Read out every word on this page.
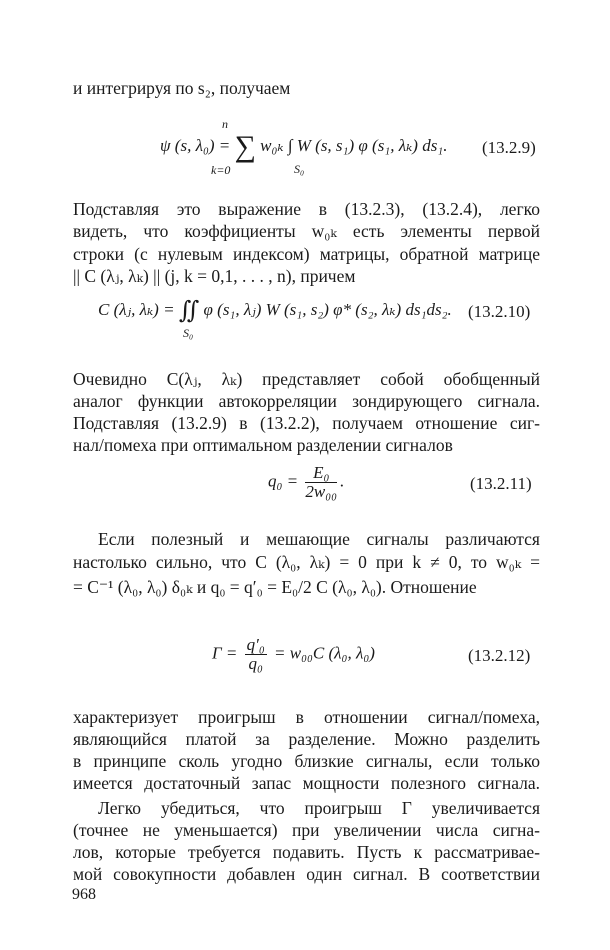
и интегрируя по s₂, получаем
n
ψ (s, λ₀) = ∑ w₀ₖ ∫ W (s, s₁) φ (s₁, λₖ) ds₁.
k=0	S₀
(13.2.9)
Подставляя это выражение в (13.2.3), (13.2.4), легко
видеть, что коэффициенты w₀ₖ есть элементы первой
строки (с нулевым индексом) матрицы, обратной матрице
|| C (λⱼ, λₖ) || (j, k = 0,1, . . . , n), причем
C (λⱼ, λₖ) = ∬ φ (s₁, λⱼ) W (s₁, s₂) φ* (s₂, λₖ) ds₁ds₂.
S₀
(13.2.10)
Очевидно C(λⱼ, λₖ) представляет собой обобщенный
аналог функции автокорреляции зондирующего сигнала.
Подставляя (13.2.9) в (13.2.2), получаем отношение сиг-
нал/помеха при оптимальном разделении сигналов
$q_0 = \frac{\text{E₀}}{\text{2w₀₀}}$ .	(13.2.11)
Если полезный и мешающие сигналы различаются
настолько сильно, что C (λ₀, λₖ) = 0 при k ≠ 0, то w₀ₖ =
= C⁻¹ (λ₀, λ₀) δ₀ₖ и q₀ = q′₀ = E₀/2 C (λ₀, λ₀). Отношение
$\Gamma = \frac{\text{q′₀}}{\text{q₀}} = w_{00}C$ (λ₀, λ₀)	(13.2.12)
характеризует проигрыш в отношении сигнал/помеха,
являющийся платой за разделение. Можно разделить
в принципе сколь угодно близкие сигналы, если только
имеется достаточный запас мощности полезного сигнала.
Легко убедиться, что проигрыш Γ увеличивается
(точнее не уменьшается) при увеличении числа сигна-
лов, которые требуется подавить. Пусть к рассматривае-
мой совокупности добавлен один сигнал. В соответствии
968
